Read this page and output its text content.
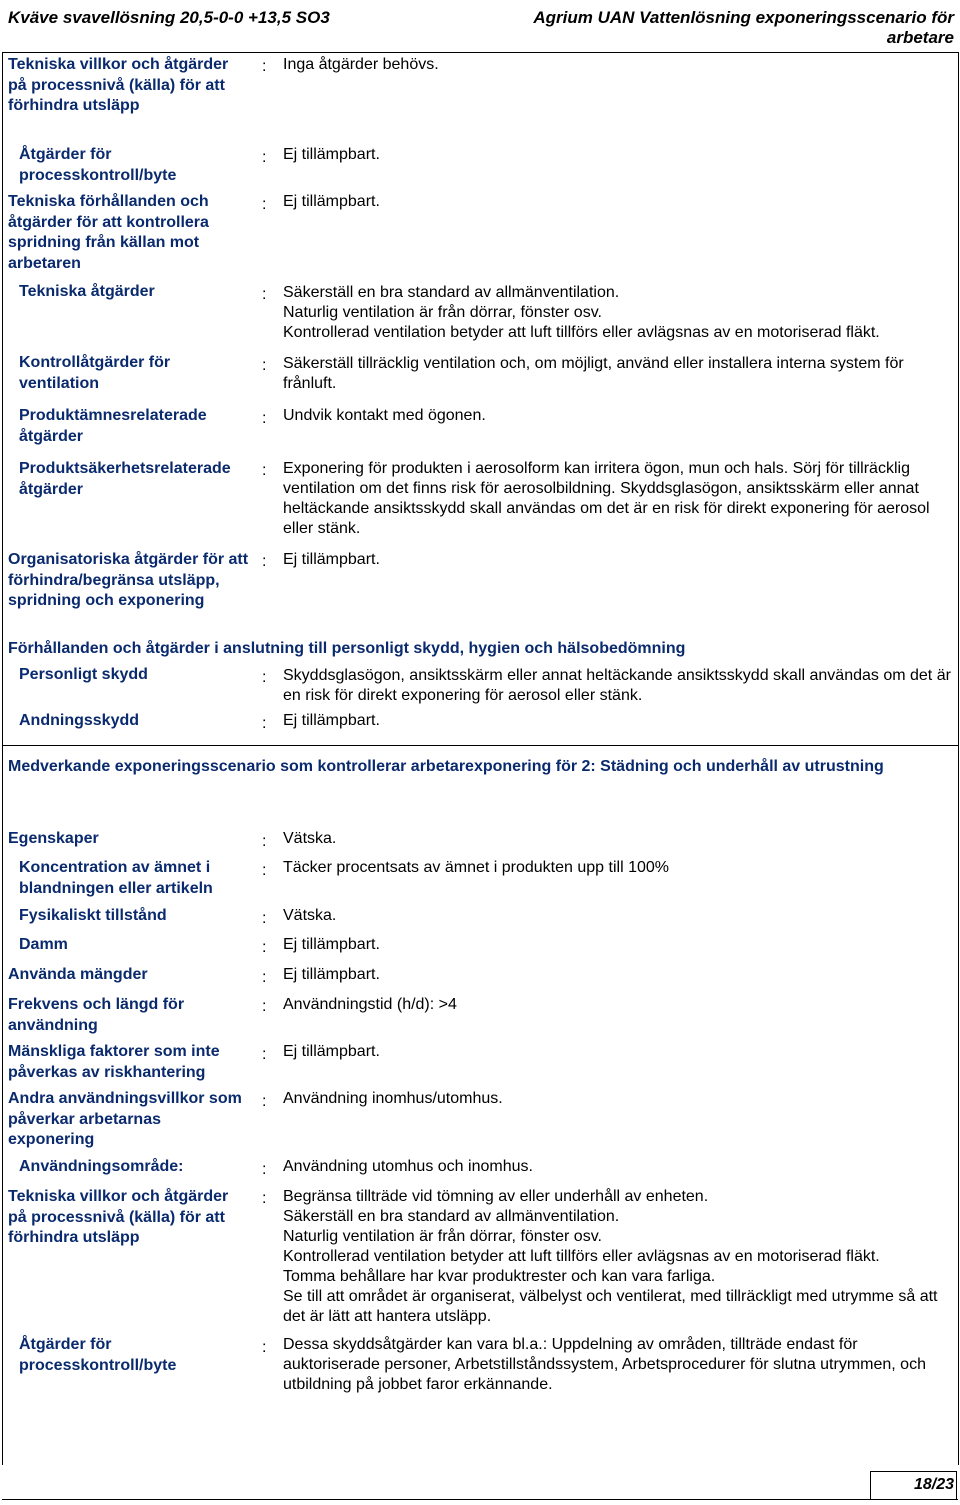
Kväve svavellösning 20,5-0-0 +13,5 SO3	Agrium UAN Vattenlösning exponeringsscenario för arbetare
Tekniska villkor och åtgärder på processnivå (källa) för att förhindra utsläpp
: Inga åtgärder behövs.
Åtgärder för processkontroll/byte
: Ej tillämpbart.
Tekniska förhållanden och åtgärder för att kontrollera spridning från källan mot arbetaren
: Ej tillämpbart.
Tekniska åtgärder	: Säkerställ en bra standard av allmänventilation.
Naturlig ventilation är från dörrar, fönster osv.
Kontrollerad ventilation betyder att luft tillförs eller avlägsnas av en motoriserad fläkt.
Kontrollåtgärder för ventilation
: Säkerställ tillräcklig ventilation och, om möjligt, använd eller installera interna system för frånluft.
Produktämnesrelaterade åtgärder
: Undvik kontakt med ögonen.
Produktsäkerhetsrelaterade åtgärder
: Exponering för produkten i aerosolform kan irritera ögon, mun och hals. Sörj för tillräcklig ventilation om det finns risk för aerosolbildning. Skyddsglasögon, ansiktsskärm eller annat heltäckande ansiktsskydd skall användas om det är en risk för direkt exponering för aerosol eller stänk.
Organisatoriska åtgärder för att förhindra/begränsa utsläpp, spridning och exponering
: Ej tillämpbart.
Förhållanden och åtgärder i anslutning till personligt skydd, hygien och hälsobedömning
Personligt skydd	: Skyddsglasögon, ansiktsskärm eller annat heltäckande ansiktsskydd skall användas om det är en risk för direkt exponering för aerosol eller stänk.
Andningsskydd	: Ej tillämpbart.
Medverkande exponeringsscenario som kontrollerar arbetarexponering för 2: Städning och underhåll av utrustning
Egenskaper	: Vätska.
Koncentration av ämnet i blandningen eller artikeln
: Täcker procentsats av ämnet i produkten upp till 100%
Fysikaliskt tillstånd	: Vätska.
Damm	: Ej tillämpbart.
Använda mängder	: Ej tillämpbart.
Frekvens och längd för användning
: Användningstid (h/d): >4
Mänskliga faktorer som inte påverkas av riskhantering
: Ej tillämpbart.
Andra användningsvillkor som påverkar arbetarnas exponering
: Användning inomhus/utomhus.
Användningsområde:	: Användning utomhus och inomhus.
Tekniska villkor och åtgärder på processnivå (källa) för att förhindra utsläpp
: Begränsa tillträde vid tömning av eller underhåll av enheten.
Säkerställ en bra standard av allmänventilation.
Naturlig ventilation är från dörrar, fönster osv.
Kontrollerad ventilation betyder att luft tillförs eller avlägsnas av en motoriserad fläkt.
Tomma behållare har kvar produktrester och kan vara farliga.
Se till att området är organiserat, välbelyst och ventilerat, med tillräckligt med utrymme så att det är lätt att hantera utsläpp.
Åtgärder för processkontroll/byte
: Dessa skyddsåtgärder kan vara bl.a.: Uppdelning av områden, tillträde endast för auktoriserade personer, Arbetstillståndssystem, Arbetsprocedurer för slutna utrymmen, och utbildning på jobbet faror erkännande.
18/23
